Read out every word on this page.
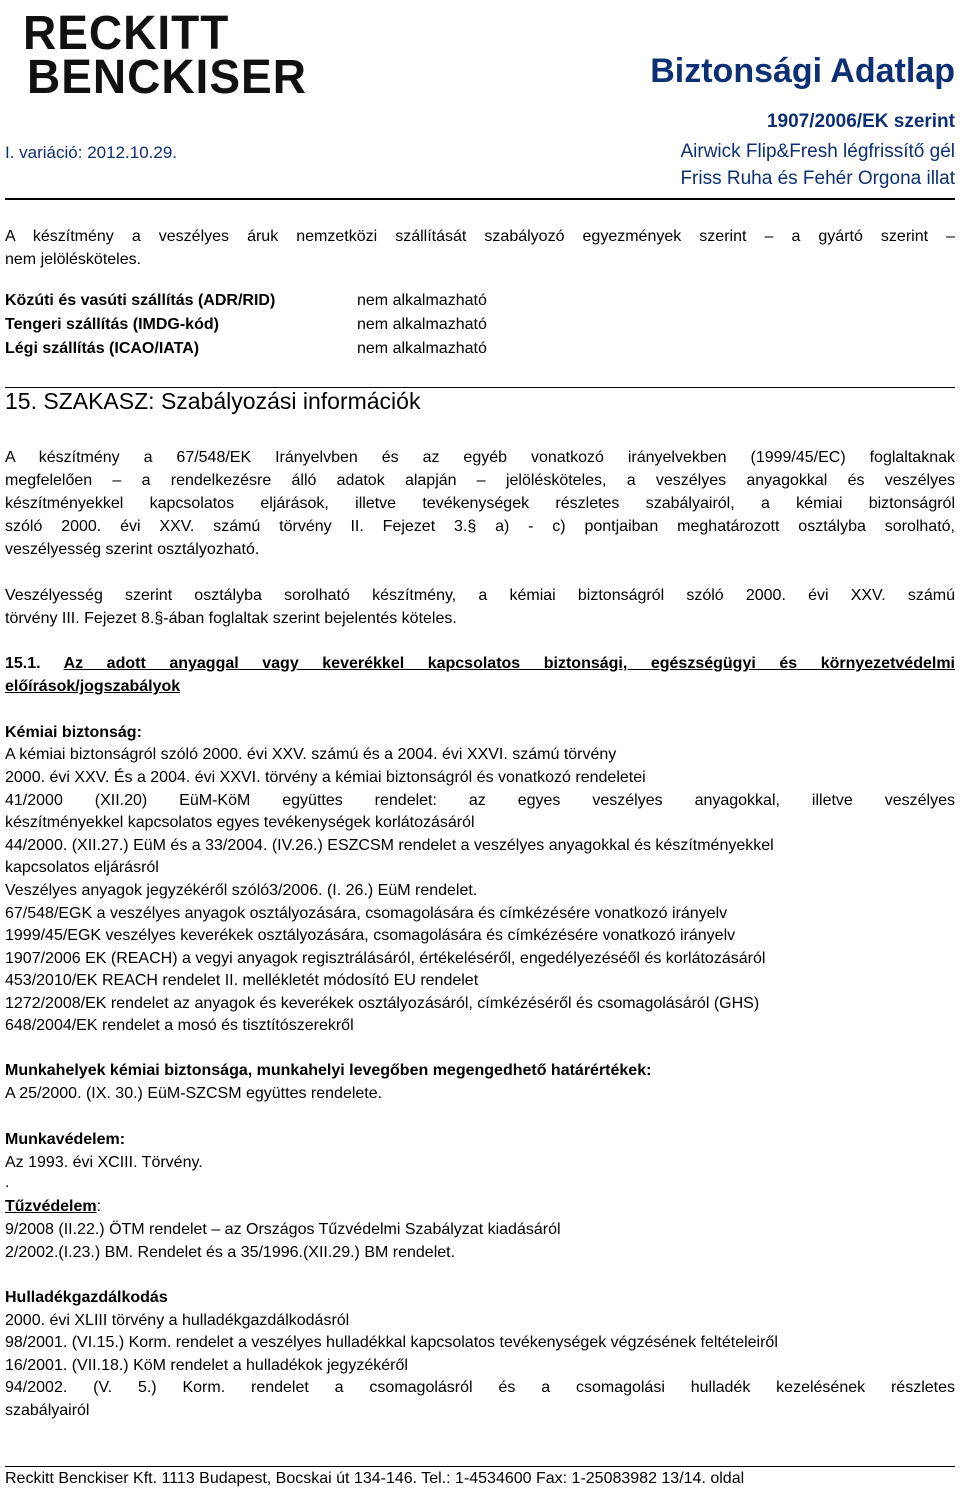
RECKITT
BENCKISER	Biztonsági Adatlap
1907/2006/EK szerint
I. variáció: 2012.10.29.	Airwick Flip&Fresh légfrissítő gél
Friss Ruha és Fehér Orgona illat
A készítmény a veszélyes áruk nemzetközi szállítását szabályozó egyezmények szerint – a gyártó szerint –
nem jelölésköteles.
Közúti és vasúti szállítás (ADR/RID)	nem alkalmazható
Tengeri szállítás (IMDG-kód)	nem alkalmazható
Légi szállítás (ICAO/IATA)	nem alkalmazható
15. SZAKASZ: Szabályozási információk
A készítmény a 67/548/EK Irányelvben és az egyéb vonatkozó irányelvekben (1999/45/EC) foglaltaknak
megfelelően – a rendelkezésre álló adatok alapján – jelölésköteles, a veszélyes anyagokkal és veszélyes
készítményekkel kapcsolatos eljárások, illetve tevékenységek részletes szabályairól, a kémiai biztonságról
szóló 2000. évi XXV. számú törvény II. Fejezet 3.§ a) - c) pontjaiban meghatározott osztályba sorolható,
veszélyesség szerint osztályozható.
Veszélyesség szerint osztályba sorolható készítmény, a kémiai biztonságról szóló 2000. évi XXV. számú
törvény III. Fejezet 8.§-ában foglaltak szerint bejelentés köteles.
15.1. Az adott anyaggal vagy keverékkel kapcsolatos biztonsági, egészségügyi és környezetvédelmi
előírások/jogszabályok
Kémiai biztonság:
A kémiai biztonságról szóló 2000. évi XXV. számú és a 2004. évi XXVI. számú törvény
2000. évi XXV. És a 2004. évi XXVI. törvény a kémiai biztonságról és vonatkozó rendeletei
41/2000 (XII.20) EüM-KöM együttes rendelet: az egyes veszélyes anyagokkal, illetve veszélyes
készítményekkel kapcsolatos egyes tevékenységek korlátozásáról
44/2000. (XII.27.) EüM és a 33/2004. (IV.26.) ESZCSM rendelet a veszélyes anyagokkal és készítményekkel
kapcsolatos eljárásról
Veszélyes anyagok jegyzékéről szóló3/2006. (I. 26.) EüM rendelet.
67/548/EGK a veszélyes anyagok osztályozására, csomagolására és címkézésére vonatkozó irányelv
1999/45/EGK veszélyes keverékek osztályozására, csomagolására és címkézésére vonatkozó irányelv
1907/2006 EK (REACH) a vegyi anyagok regisztrálásáról, értékeléséről, engedélyezéséől és korlátozásáról
453/2010/EK REACH rendelet II. mellékletét módosító EU rendelet
1272/2008/EK rendelet az anyagok és keverékek osztályozásáról, címkézéséről és csomagolásáról (GHS)
648/2004/EK rendelet a mosó és tisztítószerekről
Munkahelyek kémiai biztonsága, munkahelyi levegőben megengedhető határértékek:
A 25/2000. (IX. 30.) EüM-SZCSM együttes rendelete.
Munkavédelem:
Az 1993. évi XCIII. Törvény.
.
Tűzvédelem:
9/2008 (II.22.) ÖTM rendelet – az Országos Tűzvédelmi Szabályzat kiadásáról
2/2002.(I.23.) BM. Rendelet és a 35/1996.(XII.29.) BM rendelet.
Hulladékgazdálkodás
2000. évi XLIII törvény a hulladékgazdálkodásról
98/2001. (VI.15.) Korm. rendelet a veszélyes hulladékkal kapcsolatos tevékenységek végzésének feltételeiről
16/2001. (VII.18.) KöM rendelet a hulladékok jegyzékéről
94/2002. (V. 5.) Korm. rendelet a csomagolásról és a csomagolási hulladék kezelésének részletes
szabályairól
Reckitt Benckiser Kft. 1113 Budapest, Bocskai út 134-146. Tel.: 1-4534600 Fax: 1-25083982 13/14. oldal
